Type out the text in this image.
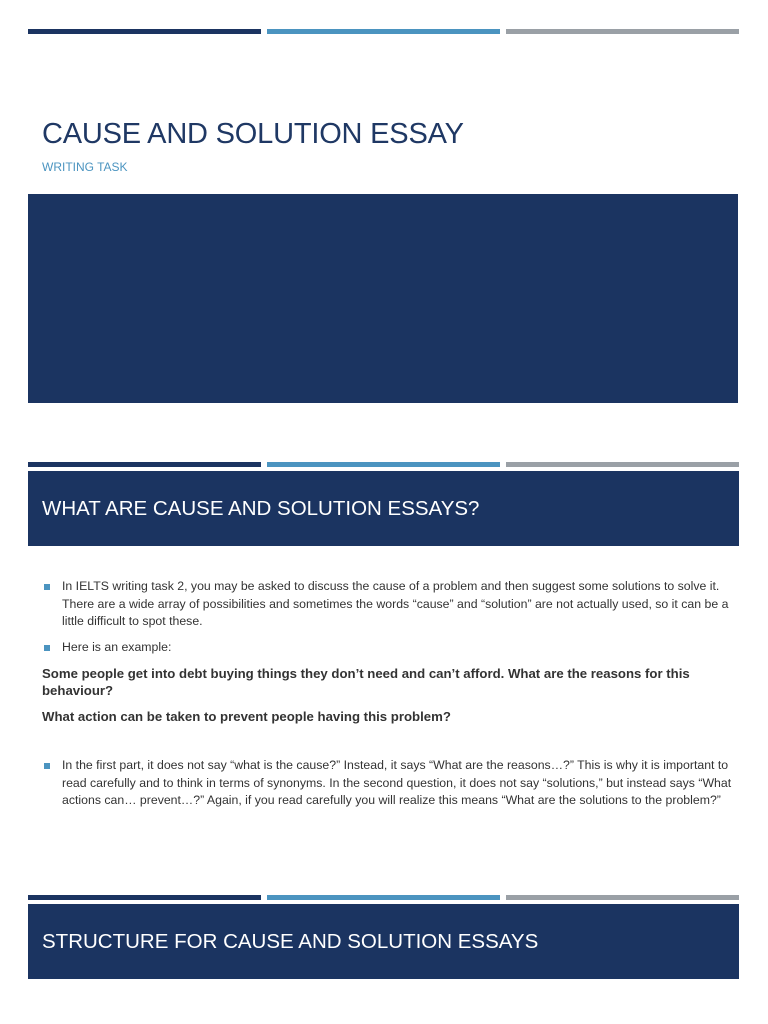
CAUSE AND SOLUTION ESSAY
WRITING TASK
WHAT ARE CAUSE AND SOLUTION ESSAYS?
In IELTS writing task 2, you may be asked to discuss the cause of a problem and then suggest some solutions to solve it. There are a wide array of possibilities and sometimes the words “cause” and “solution” are not actually used, so it can be a little difficult to spot these.
Here is an example:
Some people get into debt buying things they don’t need and can’t afford. What are the reasons for this behaviour?
What action can be taken to prevent people having this problem?
In the first part, it does not say “what is the cause?” Instead, it says “What are the reasons…?” This is why it is important to read carefully and to think in terms of synonyms. In the second question, it does not say “solutions,” but instead says “What actions can… prevent…?” Again, if you read carefully you will realize this means “What are the solutions to the problem?”
STRUCTURE FOR CAUSE AND SOLUTION ESSAYS
